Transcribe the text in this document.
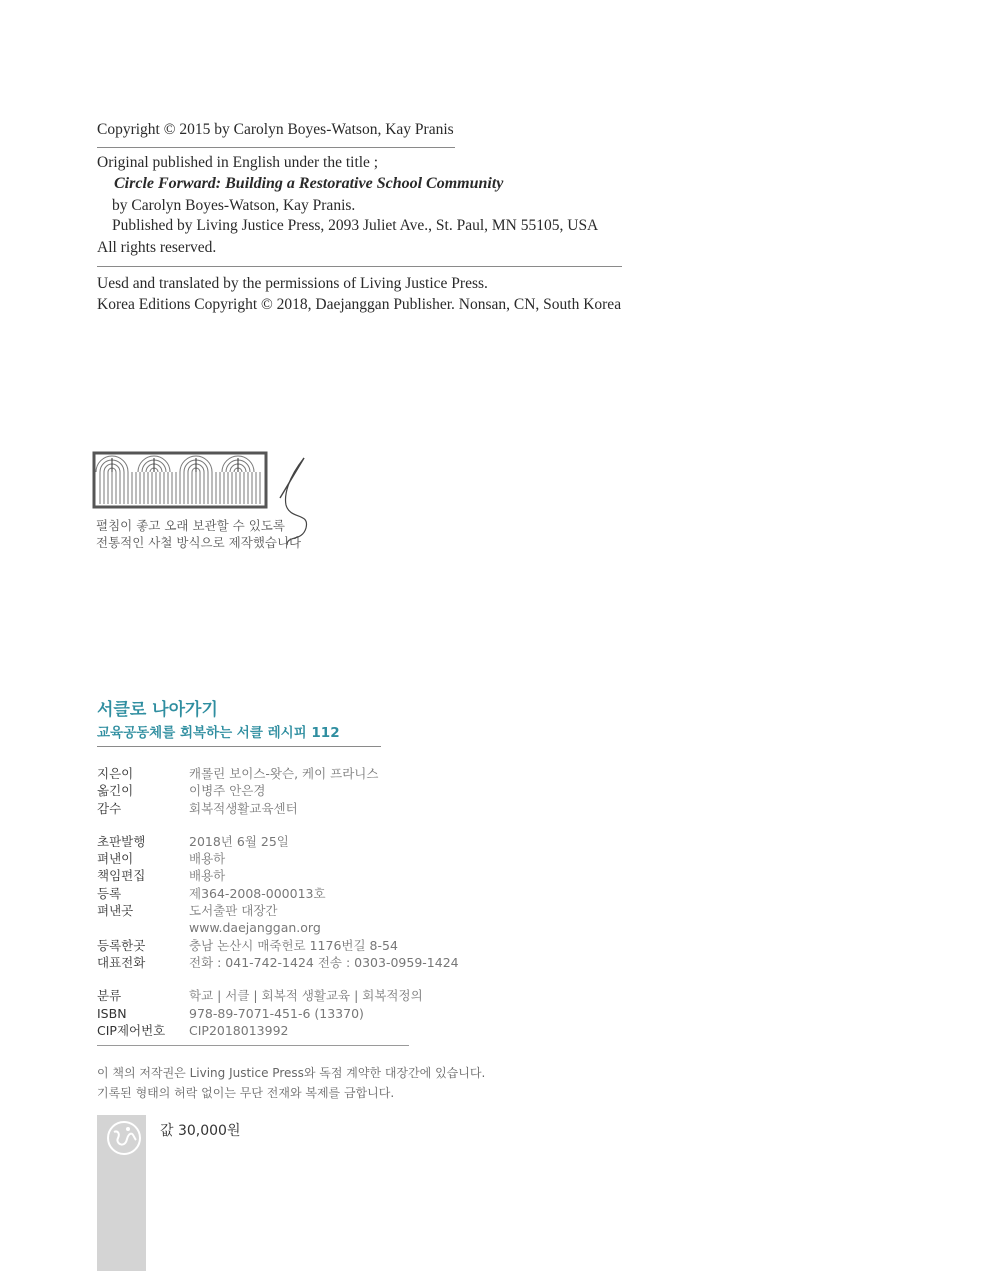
Copyright © 2015 by Carolyn Boyes-Watson, Kay Pranis
Original published in English under the title ;
Circle Forward: Building a Restorative School Community
by Carolyn Boyes-Watson, Kay Pranis.
Published by Living Justice Press, 2093 Juliet Ave., St. Paul, MN 55105, USA
All rights reserved.
Uesd and translated by the permissions of Living Justice Press.
Korea Editions Copyright © 2018, Daejanggan Publisher. Nonsan, CN, South Korea
펼침이 좋고 오래 보관할 수 있도록
전통적인 사철 방식으로 제작했습니다
서클로 나아가기
교육공동체를 회복하는 서클 레시피 112
지은이	캐롤린 보이스-왓슨, 케이 프라니스
옮긴이	이병주 안은경
감수	회복적생활교육센터
초판발행	2018년 6월 25일
펴낸이	배용하
책임편집	배용하
등록	제364-2008-000013호
펴낸곳	도서출판 대장간
www.daejanggan.org
등록한곳	충남 논산시 매죽헌로 1176번길 8-54
대표전화	전화 : 041-742-1424 전송 : 0303-0959-1424
분류	학교 | 서클 | 회복적 생활교육 | 회복적정의
ISBN	978-89-7071-451-6 (13370)
CIP제어번호	CIP2018013992
이 책의 저작권은 Living Justice Press와 독점 계약한 대장간에 있습니다.
기록된 형태의 허락 없이는 무단 전재와 복제를 금합니다.
값 30,000원
